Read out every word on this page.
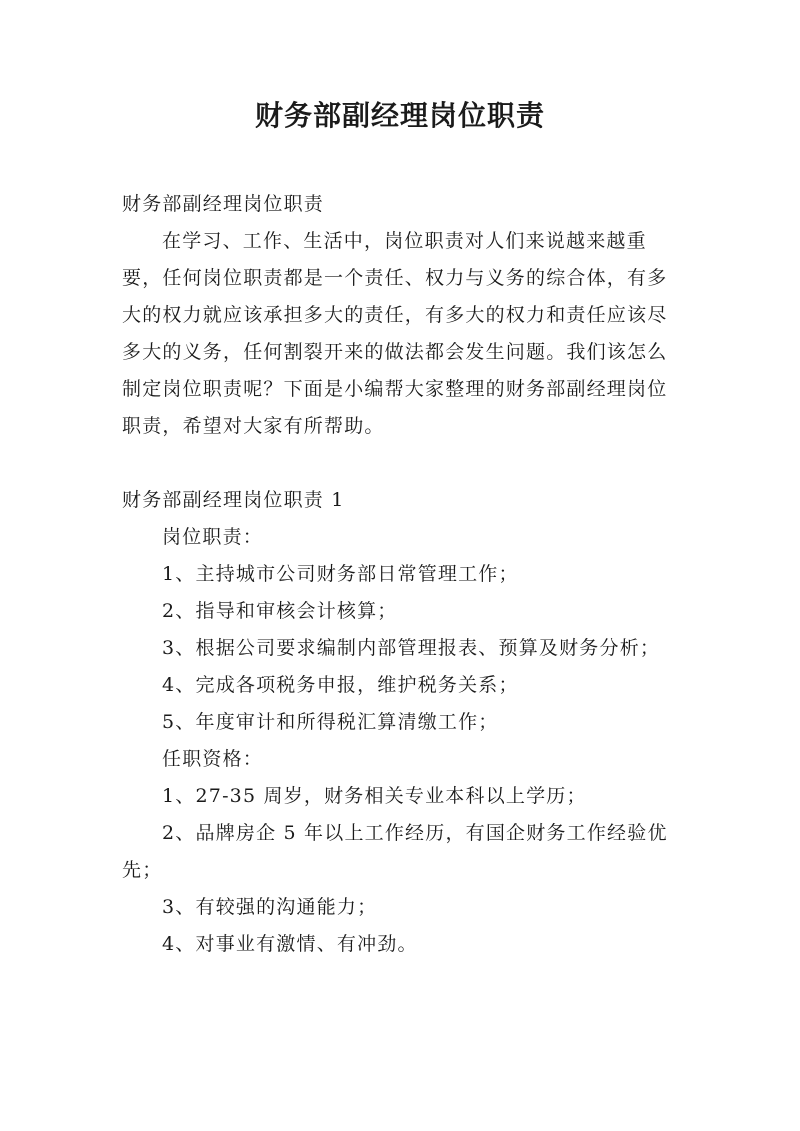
财务部副经理岗位职责

财务部副经理岗位职责

在学习、工作、生活中，岗位职责对人们来说越来越重要，任何岗位职责都是一个责任、权力与义务的综合体，有多大的权力就应该承担多大的责任，有多大的权力和责任应该尽多大的义务，任何割裂开来的做法都会发生问题。我们该怎么制定岗位职责呢？下面是小编帮大家整理的财务部副经理岗位职责，希望对大家有所帮助。

财务部副经理岗位职责 1

岗位职责：

1、主持城市公司财务部日常管理工作；

2、指导和审核会计核算；

3、根据公司要求编制内部管理报表、预算及财务分析；

4、完成各项税务申报，维护税务关系；

5、年度审计和所得税汇算清缴工作；

任职资格：

1、27-35 周岁，财务相关专业本科以上学历；

2、品牌房企 5 年以上工作经历，有国企财务工作经验优先；

3、有较强的沟通能力；

4、对事业有激情、有冲劲。
